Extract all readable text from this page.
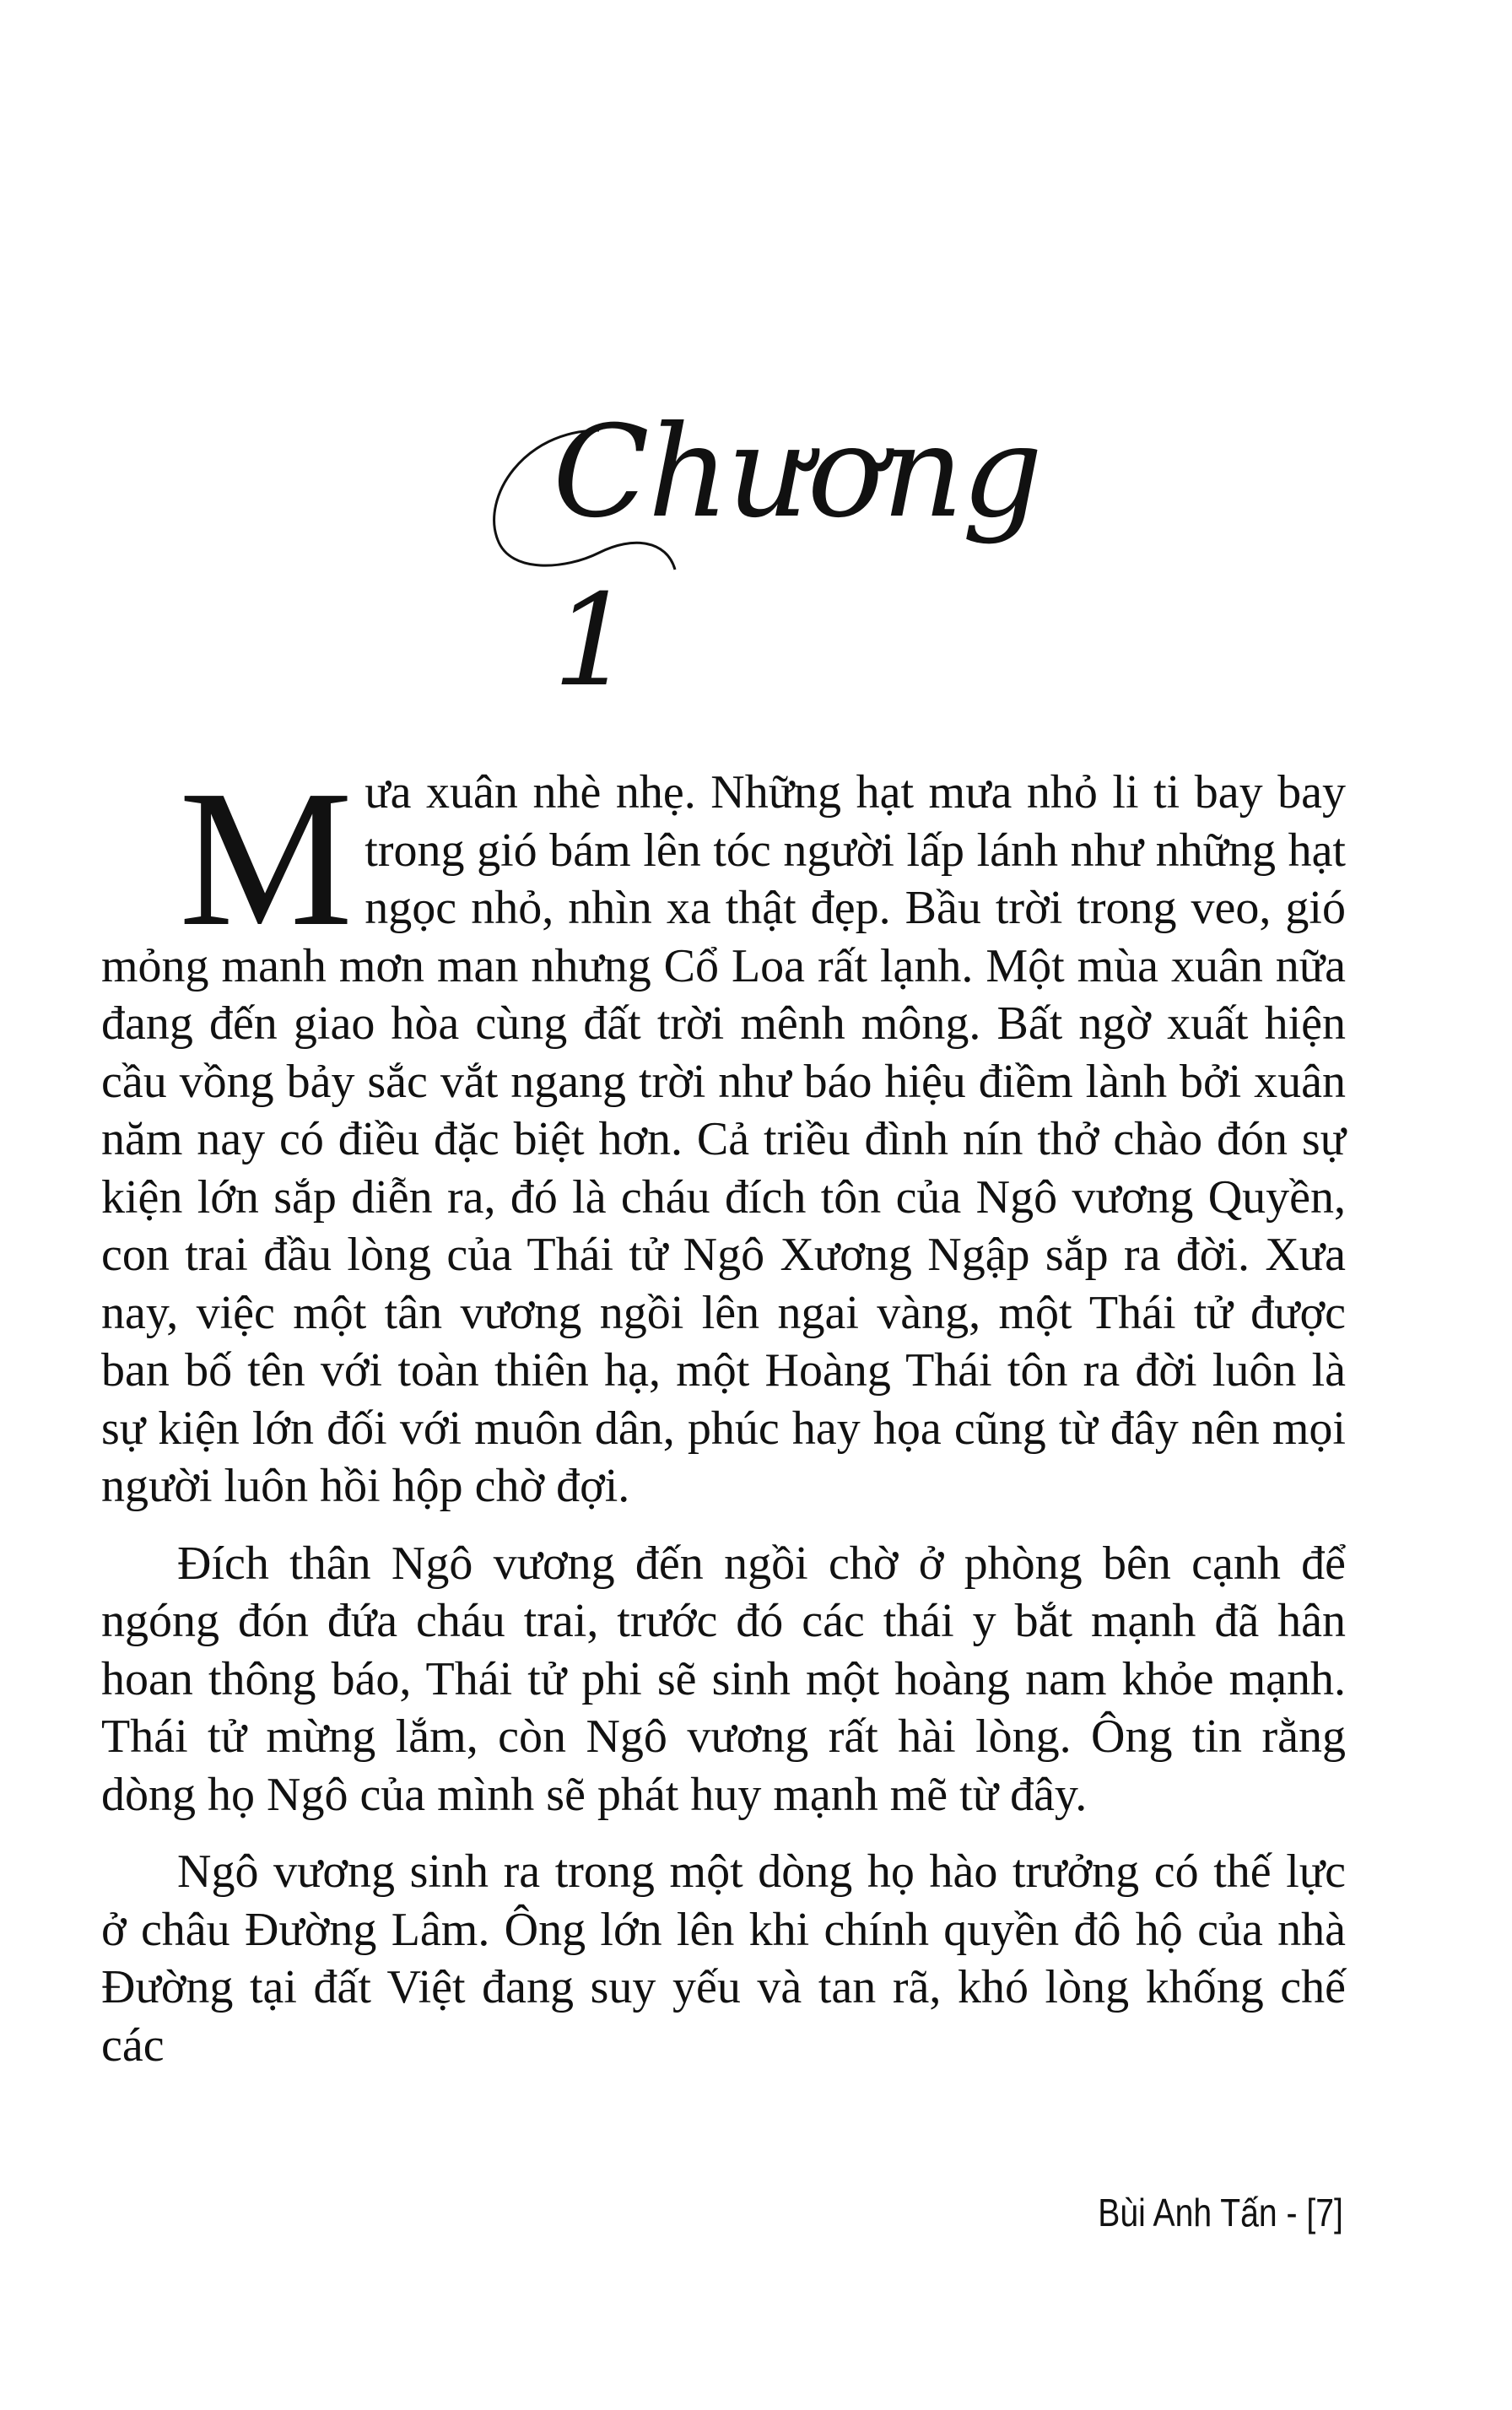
Chương 1

Mưa xuân nhè nhẹ. Những hạt mưa nhỏ li ti bay bay trong gió bám lên tóc người lấp lánh như những hạt ngọc nhỏ, nhìn xa thật đẹp. Bầu trời trong veo, gió mỏng manh mơn man nhưng Cổ Loa rất lạnh. Một mùa xuân nữa đang đến giao hòa cùng đất trời mênh mông. Bất ngờ xuất hiện cầu vồng bảy sắc vắt ngang trời như báo hiệu điềm lành bởi xuân năm nay có điều đặc biệt hơn. Cả triều đình nín thở chào đón sự kiện lớn sắp diễn ra, đó là cháu đích tôn của Ngô vương Quyền, con trai đầu lòng của Thái tử Ngô Xương Ngập sắp ra đời. Xưa nay, việc một tân vương ngồi lên ngai vàng, một Thái tử được ban bố tên với toàn thiên hạ, một Hoàng Thái tôn ra đời luôn là sự kiện lớn đối với muôn dân, phúc hay họa cũng từ đây nên mọi người luôn hồi hộp chờ đợi.

Đích thân Ngô vương đến ngồi chờ ở phòng bên cạnh để ngóng đón đứa cháu trai, trước đó các thái y bắt mạnh đã hân hoan thông báo, Thái tử phi sẽ sinh một hoàng nam khỏe mạnh. Thái tử mừng lắm, còn Ngô vương rất hài lòng. Ông tin rằng dòng họ Ngô của mình sẽ phát huy mạnh mẽ từ đây.

Ngô vương sinh ra trong một dòng họ hào trưởng có thế lực ở châu Đường Lâm. Ông lớn lên khi chính quyền đô hộ của nhà Đường tại đất Việt đang suy yếu và tan rã, khó lòng khống chế các

Bùi Anh Tấn - [7]
